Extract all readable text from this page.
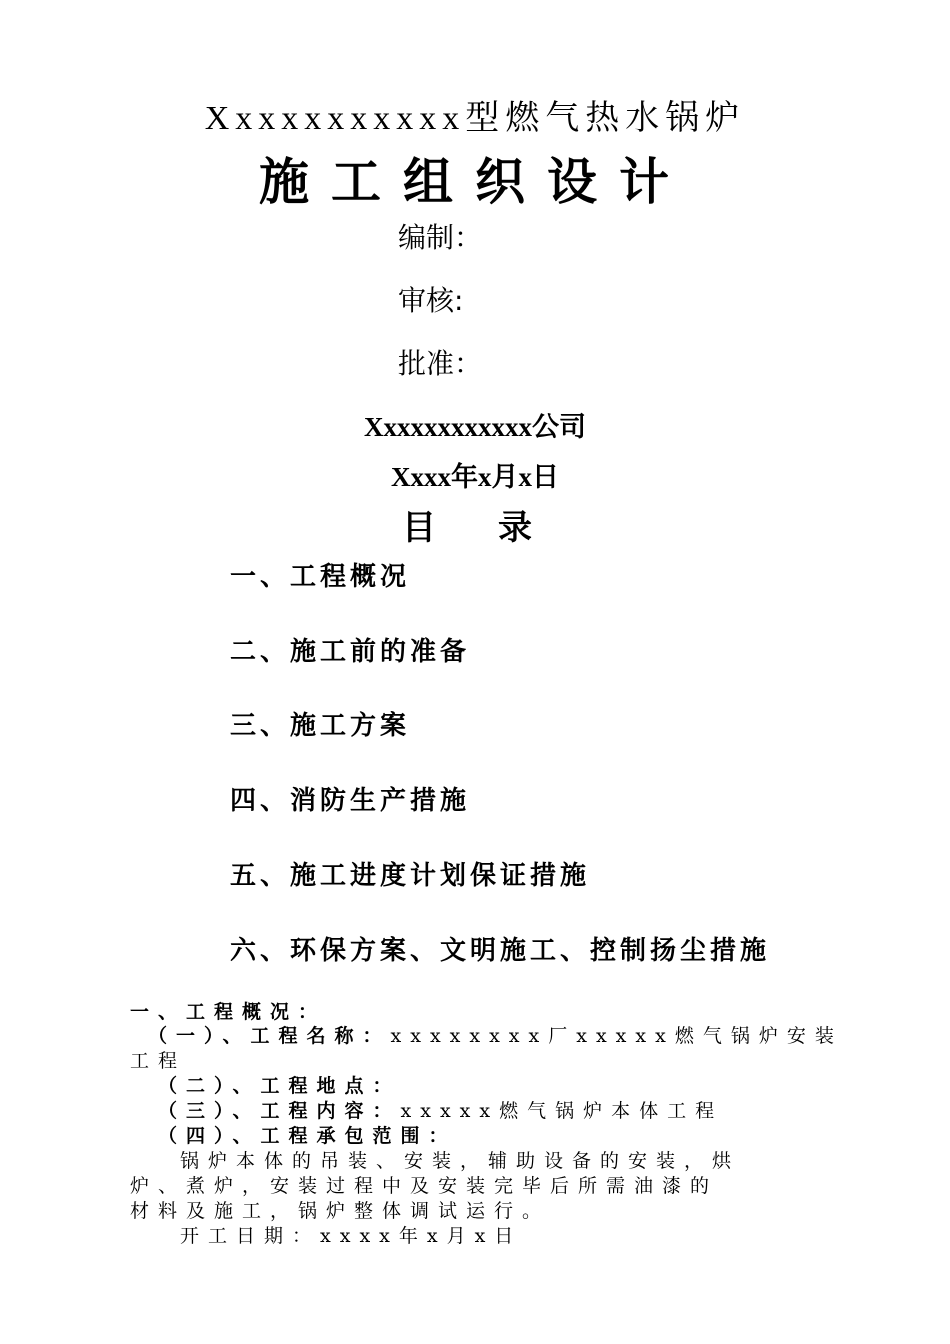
Xxxxxxxxxxx型燃气热水锅炉
施工组织设计
编制：
审核:
批准：
Xxxxxxxxxxxx公司
Xxxx年x月x日
目录
一、工程概况
二、施工前的准备
三、施工方案
四、消防生产措施
五、施工进度计划保证措施
六、环保方案、文明施工、控制扬尘措施
一、工程概况：
（一）、工程名称：xxxxxxxx厂xxxxx燃气锅炉安装
工程
（二）、工程地点：
（三）、工程内容：xxxxx燃气锅炉本体工程
（四）、工程承包范围：
锅炉本体的吊装、安装，辅助设备的安装，烘
炉、煮炉，安装过程中及安装完毕后所需油漆的
材料及施工，锅炉整体调试运行。
开工日期：xxxx年x月x日
